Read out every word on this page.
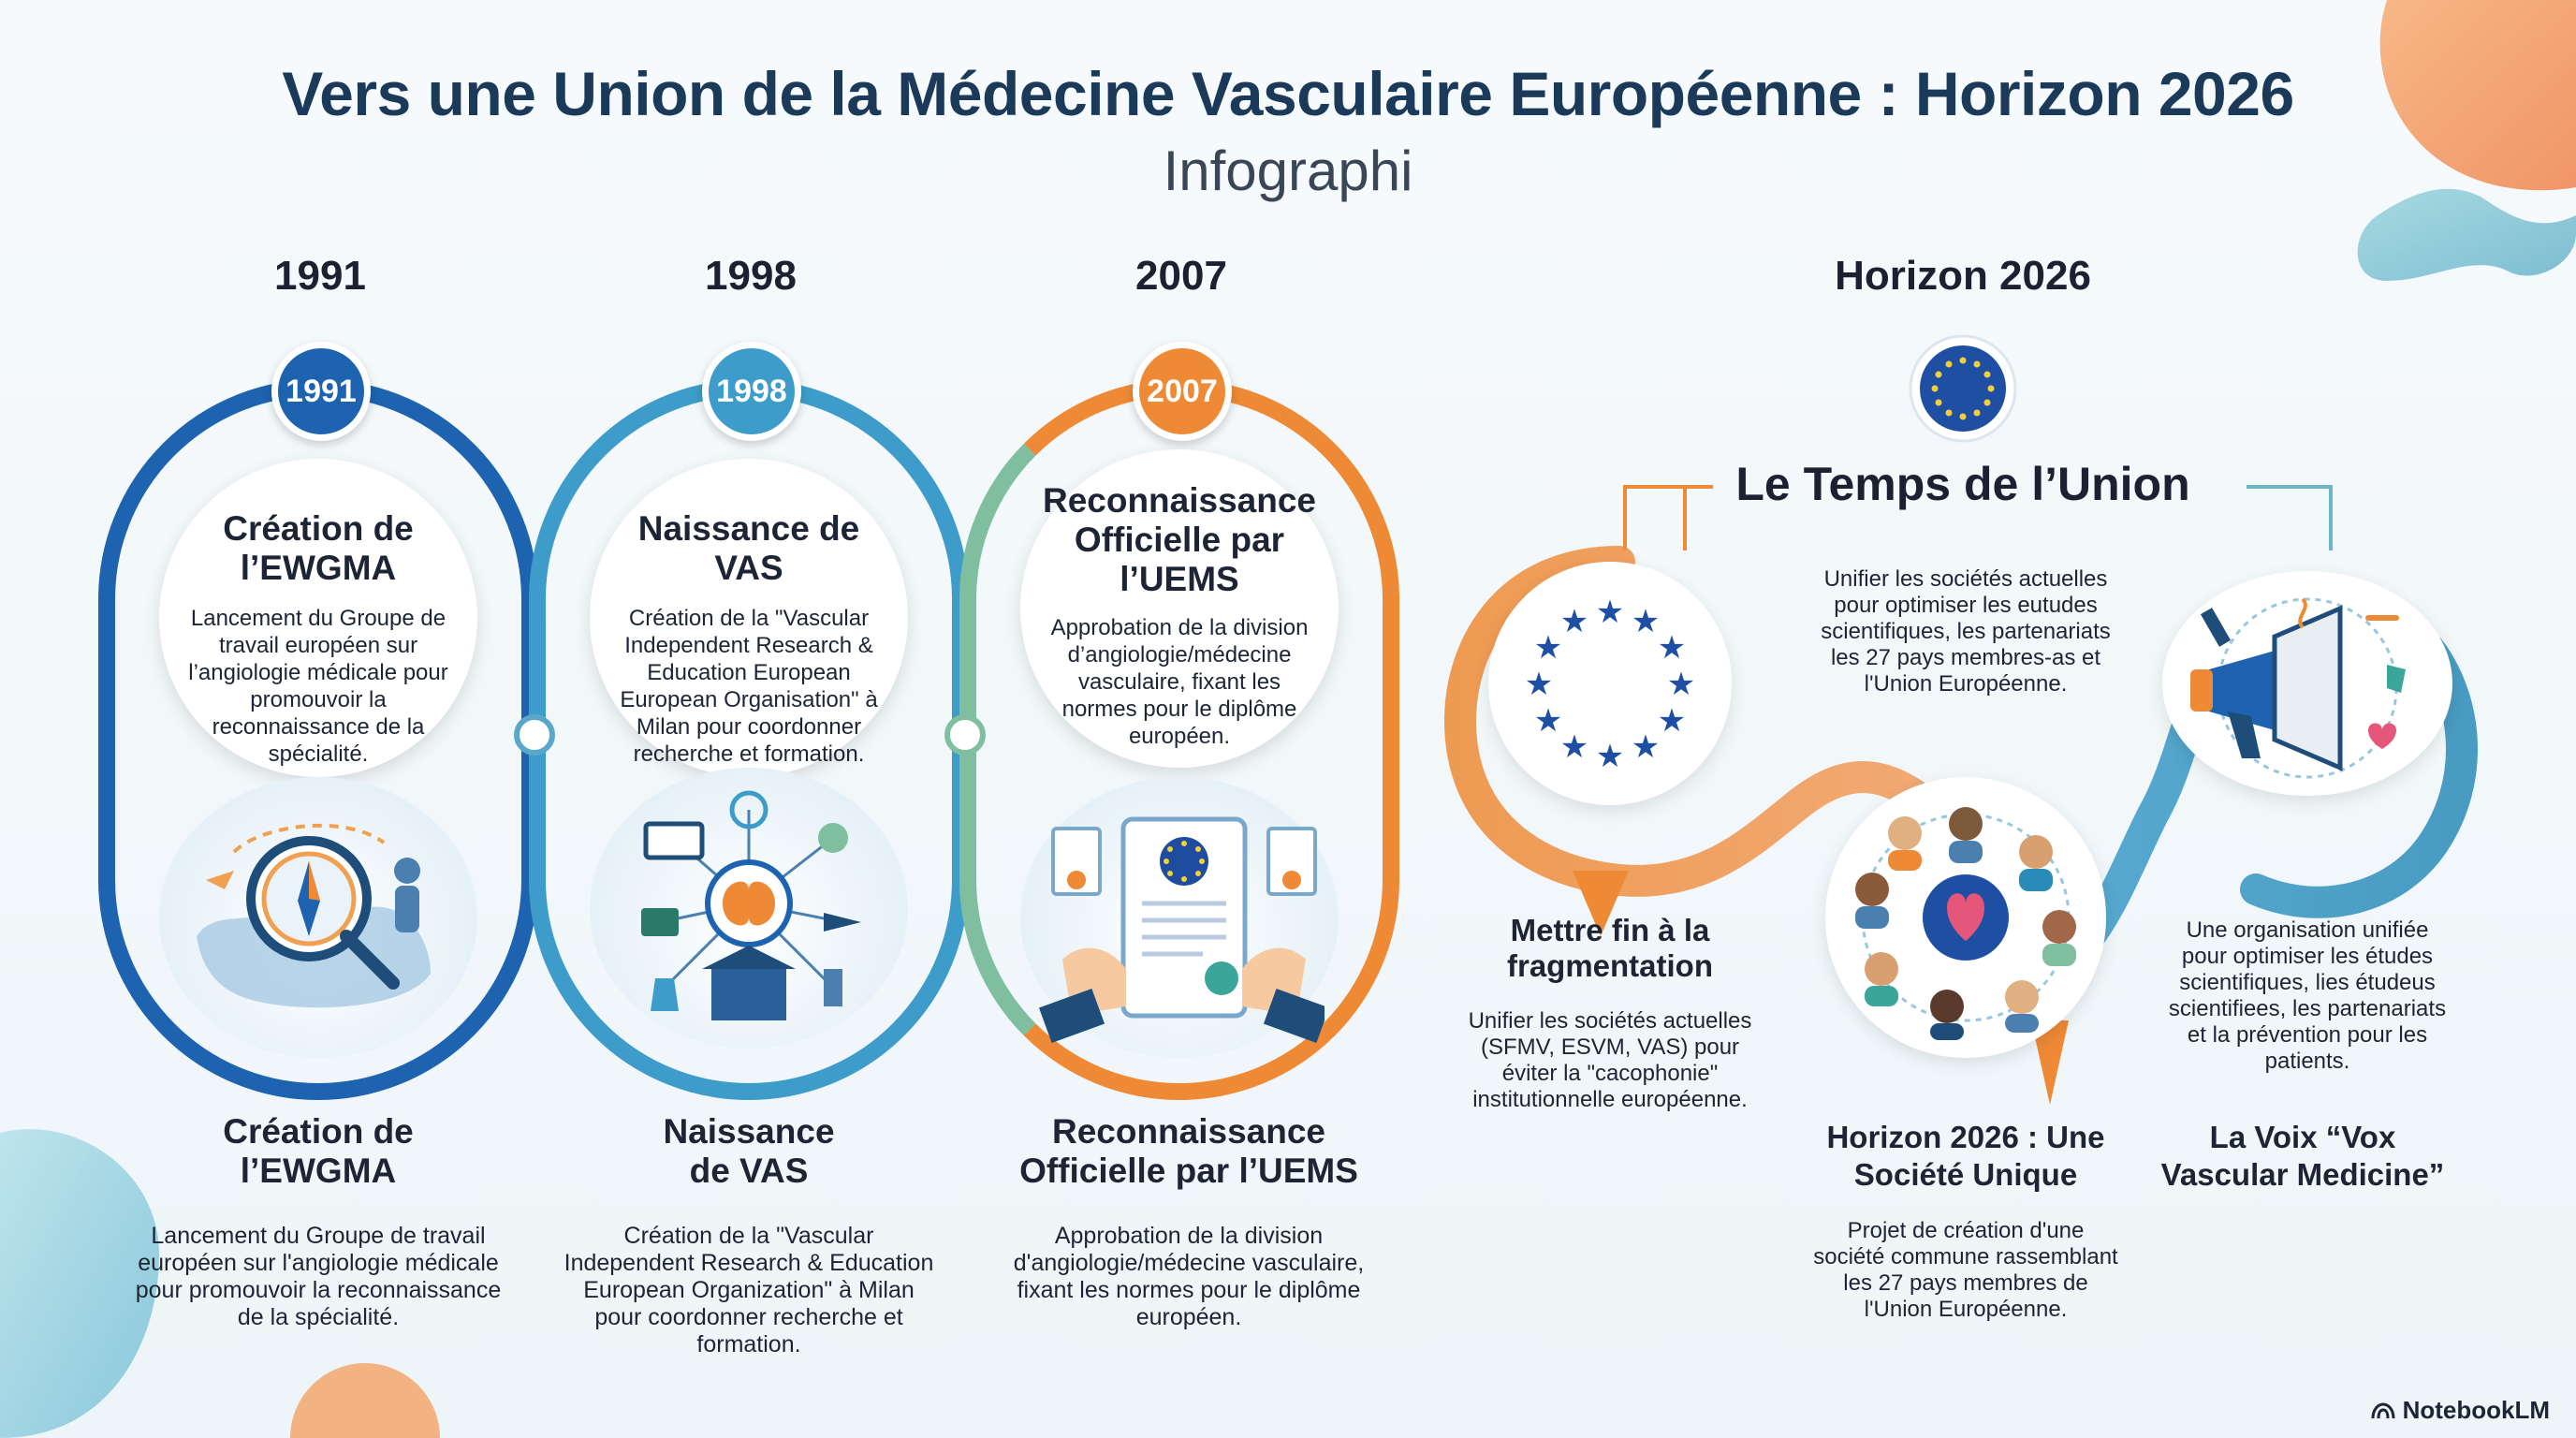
Vers une Union de la Médecine Vasculaire Européenne : Horizon 2026
Infographi
1991	1998	2007	Horizon 2026
1991	1998	2007
Création de l’EWGMA
Lancement du Groupe de travail européen sur l’angiologie médicale pour promouvoir la reconnaissance de la spécialité.
Naissance de VAS
Création de la "Vascular Independent Research & Education European European Organisation" à Milan pour coordonner recherche et formation.
Reconnaissance Officielle par l’UEMS
Approbation de la division d’angiologie/médecine vasculaire, fixant les normes pour le diplôme européen.
Création de l’EWGMA
Lancement du Groupe de travail européen sur l'angiologie médicale pour promouvoir la reconnaissance de la spécialité.
Naissance de VAS
Création de la "Vascular Independent Research & Education European Organization" à Milan pour coordonner recherche et formation.
Reconnaissance Officielle par l’UEMS
Approbation de la division d'angiologie/médecine vasculaire, fixant les normes pour le diplôme européen.
Le Temps de l’Union
★ ★
★
★
★
★
★
★
★
★
★
★
Unifier les sociétés actuelles pour optimiser les eutudes scientifiques, les partenariats les 27 pays membres-as et l'Union Européenne.
Mettre fin à la fragmentation
Unifier les sociétés actuelles (SFMV, ESVM, VAS) pour éviter la "cacophonie" institutionnelle européenne.
Une organisation unifiée pour optimiser les études scientifiques, lies étudeus scientifiees, les partenariats et la prévention pour les patients.
Horizon 2026 : Une Société Unique
Projet de création d'une société commune rassemblant les 27 pays membres de l'Union Européenne.
La Voix “Vox Vascular Medicine”
NotebookLM
